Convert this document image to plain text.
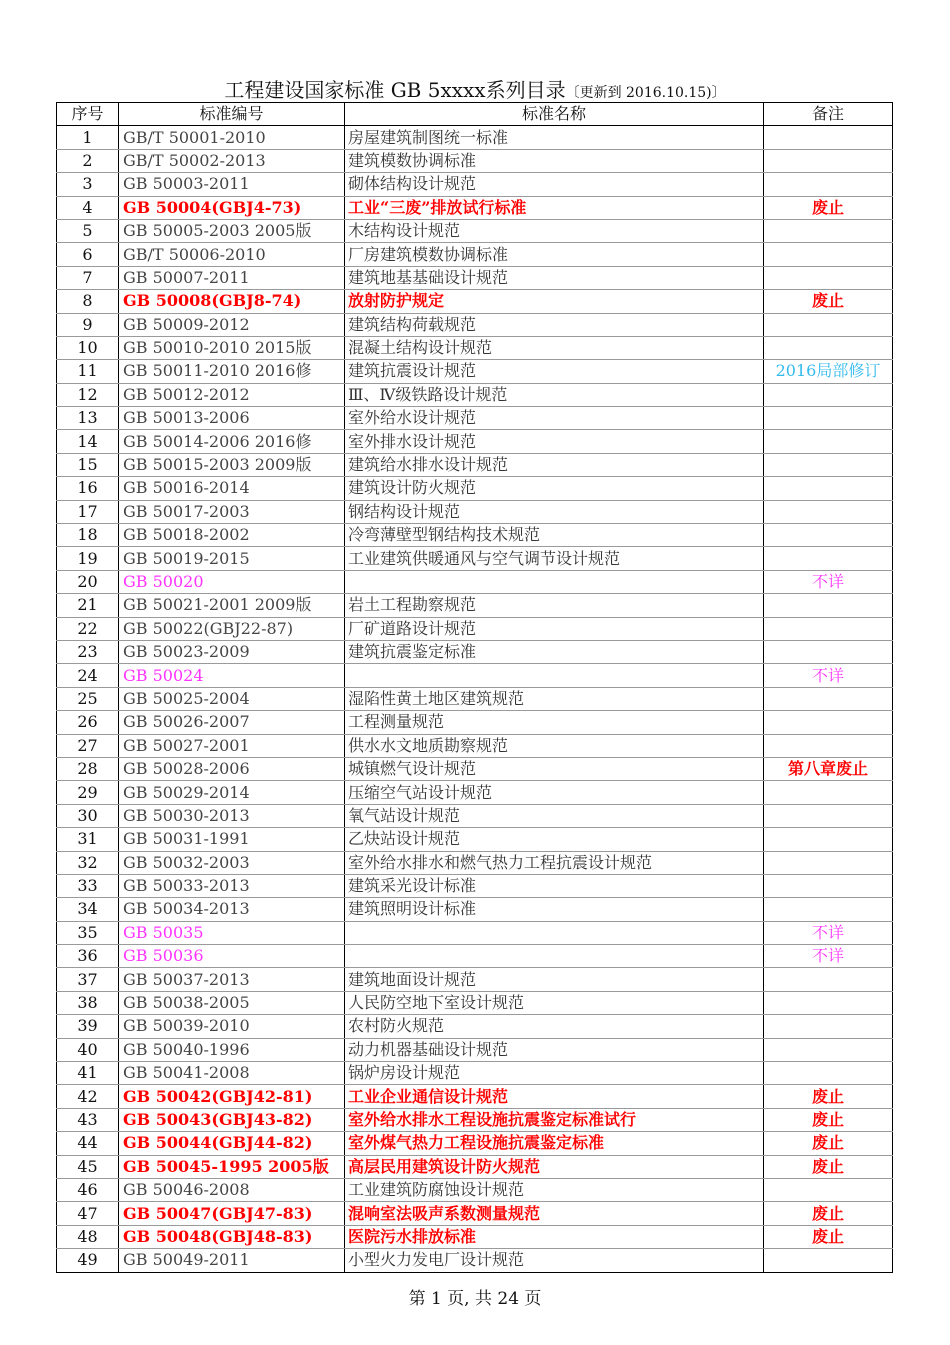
工程建设国家标准 GB 5xxxx系列目录〔更新到 2016.10.15)〕
序号	标准编号	标准名称	备注
1	GB/T 50001-2010	房屋建筑制图统一标准	
2	GB/T 50002-2013	建筑模数协调标准	
3	GB 50003-2011	砌体结构设计规范	
4	GB 50004(GBJ4-73)	工业“三废”排放试行标准	废止
5	GB 50005-2003 2005版	木结构设计规范	
6	GB/T 50006-2010	厂房建筑模数协调标准	
7	GB 50007-2011	建筑地基基础设计规范	
8	GB 50008(GBJ8-74)	放射防护规定	废止
9	GB 50009-2012	建筑结构荷载规范	
10	GB 50010-2010 2015版	混凝土结构设计规范	
11	GB 50011-2010 2016修	建筑抗震设计规范	2016局部修订
12	GB 50012-2012	Ⅲ、Ⅳ级铁路设计规范	
13	GB 50013-2006	室外给水设计规范	
14	GB 50014-2006 2016修	室外排水设计规范	
15	GB 50015-2003 2009版	建筑给水排水设计规范	
16	GB 50016-2014	建筑设计防火规范	
17	GB 50017-2003	钢结构设计规范	
18	GB 50018-2002	冷弯薄壁型钢结构技术规范	
19	GB 50019-2015	工业建筑供暖通风与空气调节设计规范	
20	GB 50020		不详
21	GB 50021-2001 2009版	岩土工程勘察规范	
22	GB 50022(GBJ22-87)	厂矿道路设计规范	
23	GB 50023-2009	建筑抗震鉴定标准	
24	GB 50024		不详
25	GB 50025-2004	湿陷性黄土地区建筑规范	
26	GB 50026-2007	工程测量规范	
27	GB 50027-2001	供水水文地质勘察规范	
28	GB 50028-2006	城镇燃气设计规范	第八章废止
29	GB 50029-2014	压缩空气站设计规范	
30	GB 50030-2013	氧气站设计规范	
31	GB 50031-1991	乙炔站设计规范	
32	GB 50032-2003	室外给水排水和燃气热力工程抗震设计规范	
33	GB 50033-2013	建筑采光设计标准	
34	GB 50034-2013	建筑照明设计标准	
35	GB 50035		不详
36	GB 50036		不详
37	GB 50037-2013	建筑地面设计规范	
38	GB 50038-2005	人民防空地下室设计规范	
39	GB 50039-2010	农村防火规范	
40	GB 50040-1996	动力机器基础设计规范	
41	GB 50041-2008	锅炉房设计规范	
42	GB 50042(GBJ42-81)	工业企业通信设计规范	废止
43	GB 50043(GBJ43-82)	室外给水排水工程设施抗震鉴定标准试行	废止
44	GB 50044(GBJ44-82)	室外煤气热力工程设施抗震鉴定标准	废止
45	GB 50045-1995 2005版	高层民用建筑设计防火规范	废止
46	GB 50046-2008	工业建筑防腐蚀设计规范	
47	GB 50047(GBJ47-83)	混响室法吸声系数测量规范	废止
48	GB 50048(GBJ48-83)	医院污水排放标准	废止
49	GB 50049-2011	小型火力发电厂设计规范	
第 1 页, 共 24 页
